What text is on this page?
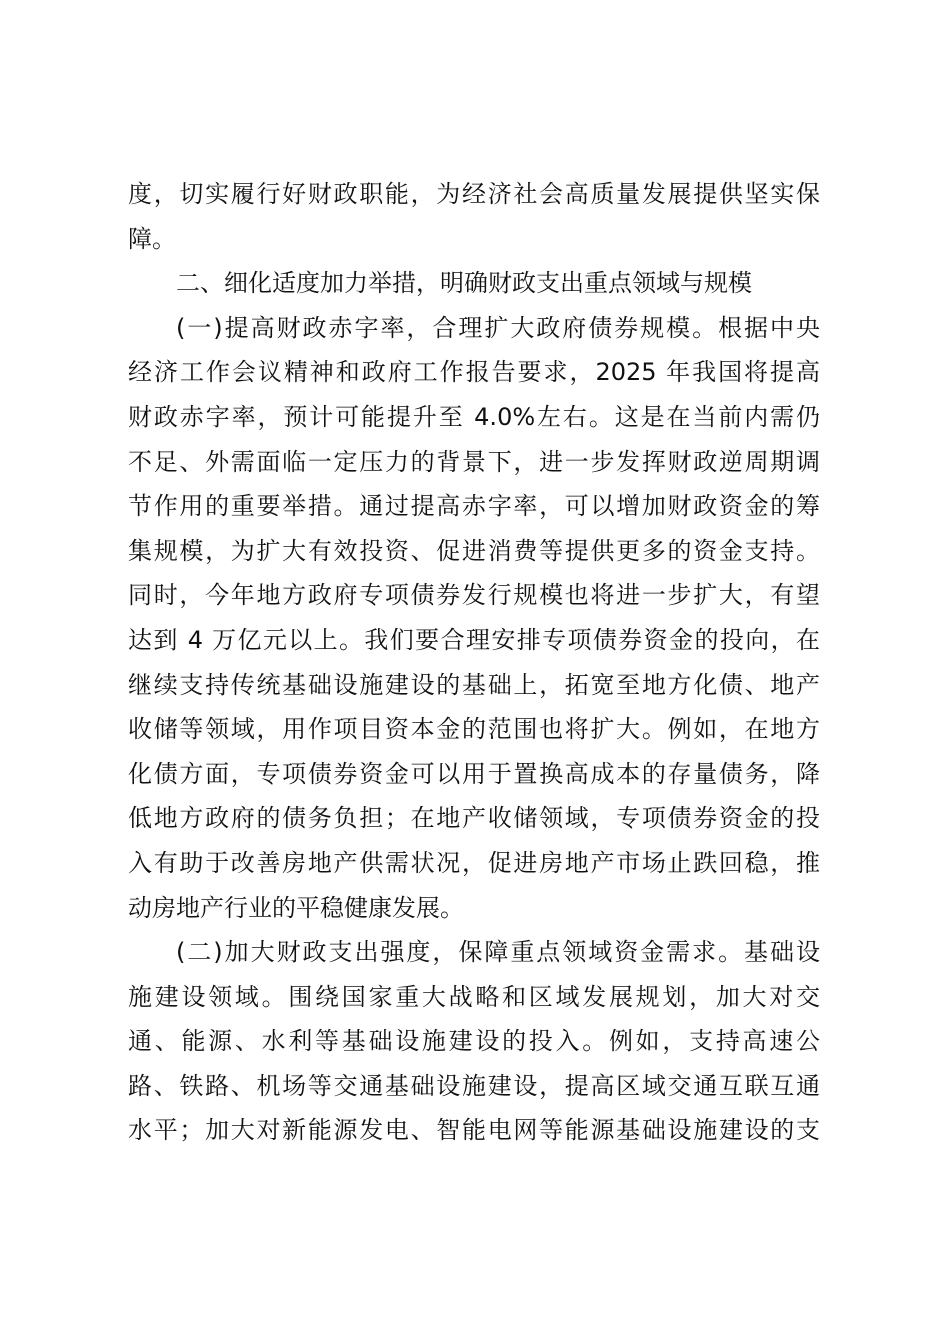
度，切实履行好财政职能，为经济社会高质量发展提供坚实保
障。
二、细化适度加力举措，明确财政支出重点领域与规模
(一)提高财政赤字率，合理扩大政府债券规模。根据中央
经济工作会议精神和政府工作报告要求，2025 年我国将提高
财政赤字率，预计可能提升至 4.0%左右。这是在当前内需仍
不足、外需面临一定压力的背景下，进一步发挥财政逆周期调
节作用的重要举措。通过提高赤字率，可以增加财政资金的筹
集规模，为扩大有效投资、促进消费等提供更多的资金支持。
同时，今年地方政府专项债券发行规模也将进一步扩大，有望
达到 4 万亿元以上。我们要合理安排专项债券资金的投向，在
继续支持传统基础设施建设的基础上，拓宽至地方化债、地产
收储等领域，用作项目资本金的范围也将扩大。例如，在地方
化债方面，专项债券资金可以用于置换高成本的存量债务，降
低地方政府的债务负担；在地产收储领域，专项债券资金的投
入有助于改善房地产供需状况，促进房地产市场止跌回稳，推
动房地产行业的平稳健康发展。
(二)加大财政支出强度，保障重点领域资金需求。基础设
施建设领域。围绕国家重大战略和区域发展规划，加大对交
通、能源、水利等基础设施建设的投入。例如，支持高速公
路、铁路、机场等交通基础设施建设，提高区域交通互联互通
水平；加大对新能源发电、智能电网等能源基础设施建设的支
